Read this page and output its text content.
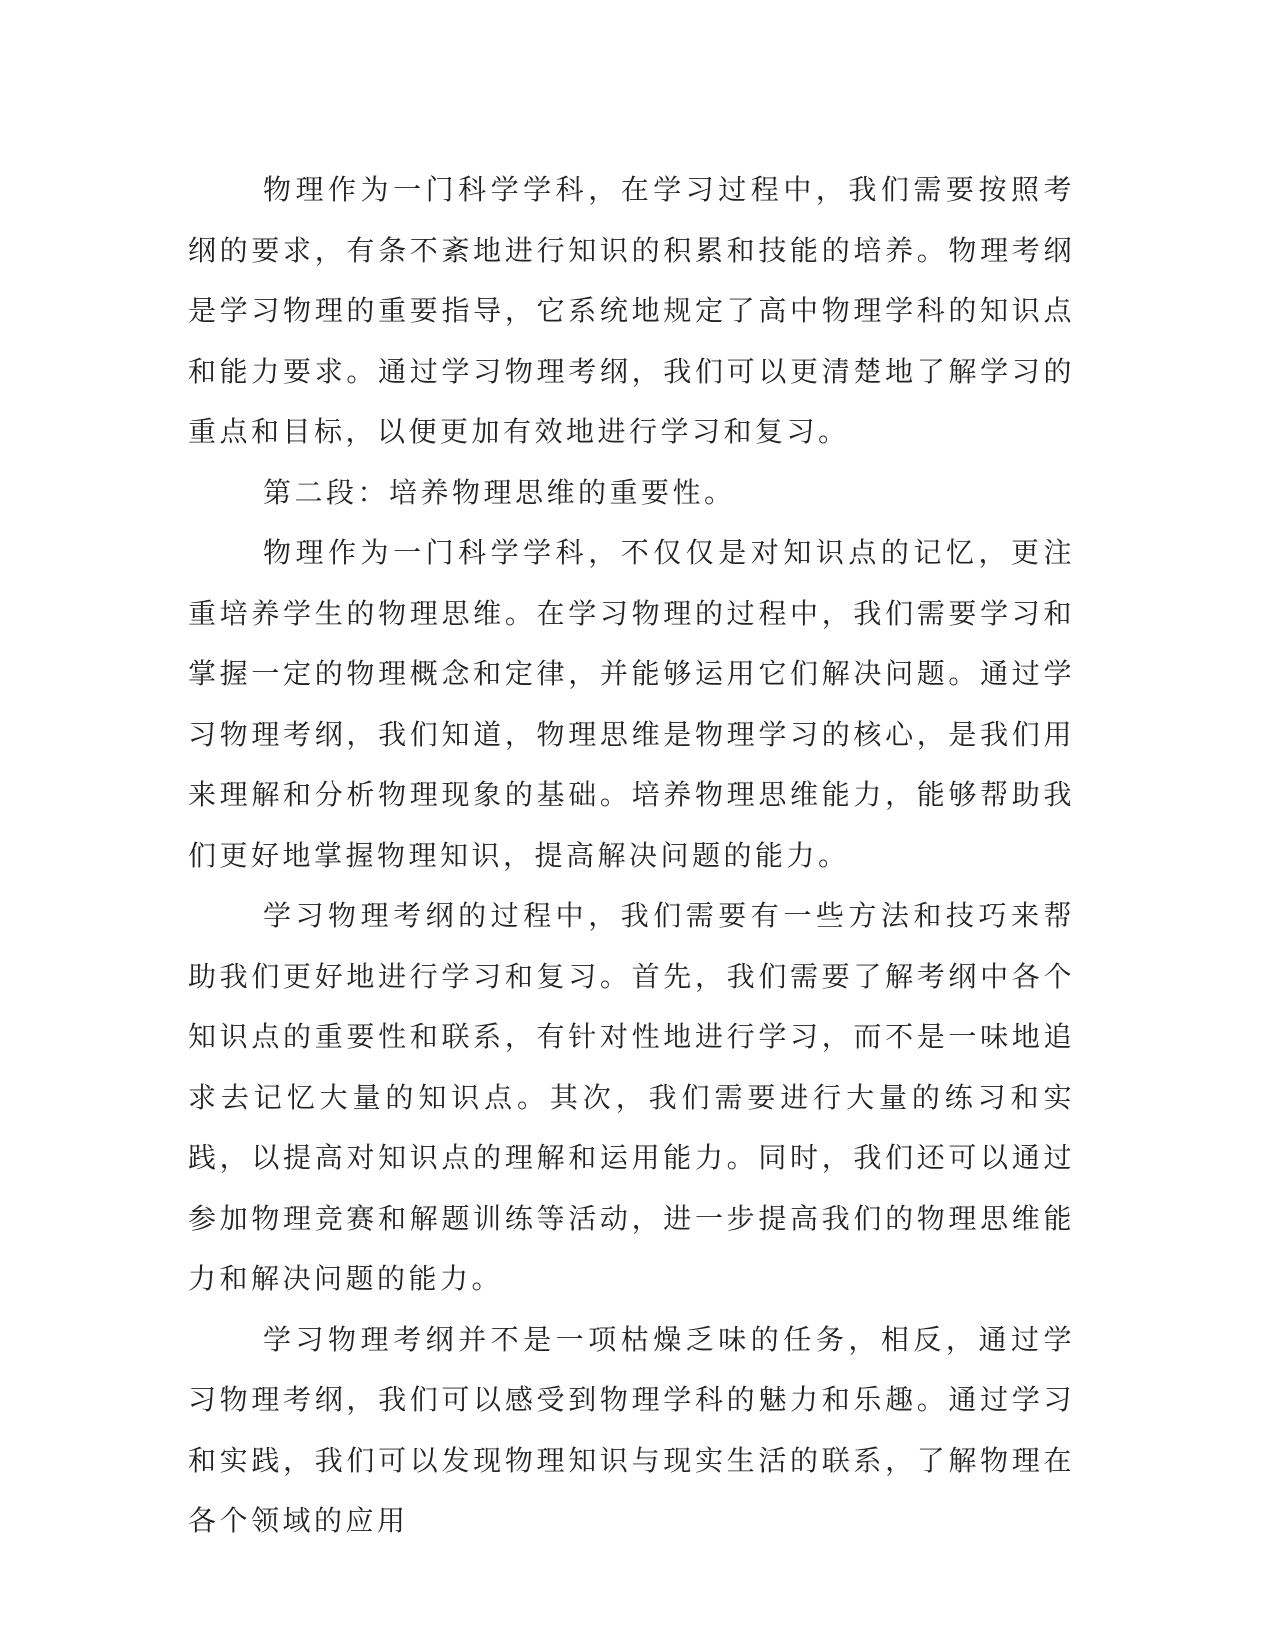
物理作为一门科学学科，在学习过程中，我们需要按照考纲的要求，有条不紊地进行知识的积累和技能的培养。物理考纲是学习物理的重要指导，它系统地规定了高中物理学科的知识点和能力要求。通过学习物理考纲，我们可以更清楚地了解学习的重点和目标，以便更加有效地进行学习和复习。

第二段：培养物理思维的重要性。

物理作为一门科学学科，不仅仅是对知识点的记忆，更注重培养学生的物理思维。在学习物理的过程中，我们需要学习和掌握一定的物理概念和定律，并能够运用它们解决问题。通过学习物理考纲，我们知道，物理思维是物理学习的核心，是我们用来理解和分析物理现象的基础。培养物理思维能力，能够帮助我们更好地掌握物理知识，提高解决问题的能力。

学习物理考纲的过程中，我们需要有一些方法和技巧来帮助我们更好地进行学习和复习。首先，我们需要了解考纲中各个知识点的重要性和联系，有针对性地进行学习，而不是一味地追求去记忆大量的知识点。其次，我们需要进行大量的练习和实践，以提高对知识点的理解和运用能力。同时，我们还可以通过参加物理竞赛和解题训练等活动，进一步提高我们的物理思维能力和解决问题的能力。

学习物理考纲并不是一项枯燥乏味的任务，相反，通过学习物理考纲，我们可以感受到物理学科的魅力和乐趣。通过学习和实践，我们可以发现物理知识与现实生活的联系，了解物理在各个领域的应用
